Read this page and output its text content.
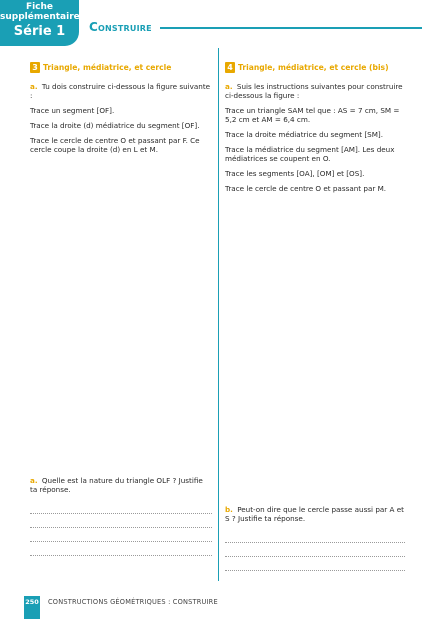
Fiche
supplémentaire
Série 1	Construire
3 Triangle, médiatrice, et cercle
a. Tu dois construire ci-dessous la figure suivante :
Trace un segment [OF].
Trace la droite (d) médiatrice du segment [OF].
Trace le cercle de centre O et passant par F. Ce cercle coupe la droite (d) en L et M.
4 Triangle, médiatrice, et cercle (bis)
a. Suis les instructions suivantes pour construire ci-dessous la figure :
Trace un triangle SAM tel que : AS = 7 cm, SM = 5,2 cm et AM = 6,4 cm.
Trace la droite médiatrice du segment [SM].
Trace la médiatrice du segment [AM]. Les deux médiatrices se coupent en O.
Trace les segments [OA], [OM] et [OS].
Trace le cercle de centre O et passant par M.
a. Quelle est la nature du triangle OLF ? Justifie ta réponse.
b. Peut-on dire que le cercle passe aussi par A et S ? Justifie ta réponse.
250 CONSTRUCTIONS GÉOMÉTRIQUES : CONSTRUIRE
